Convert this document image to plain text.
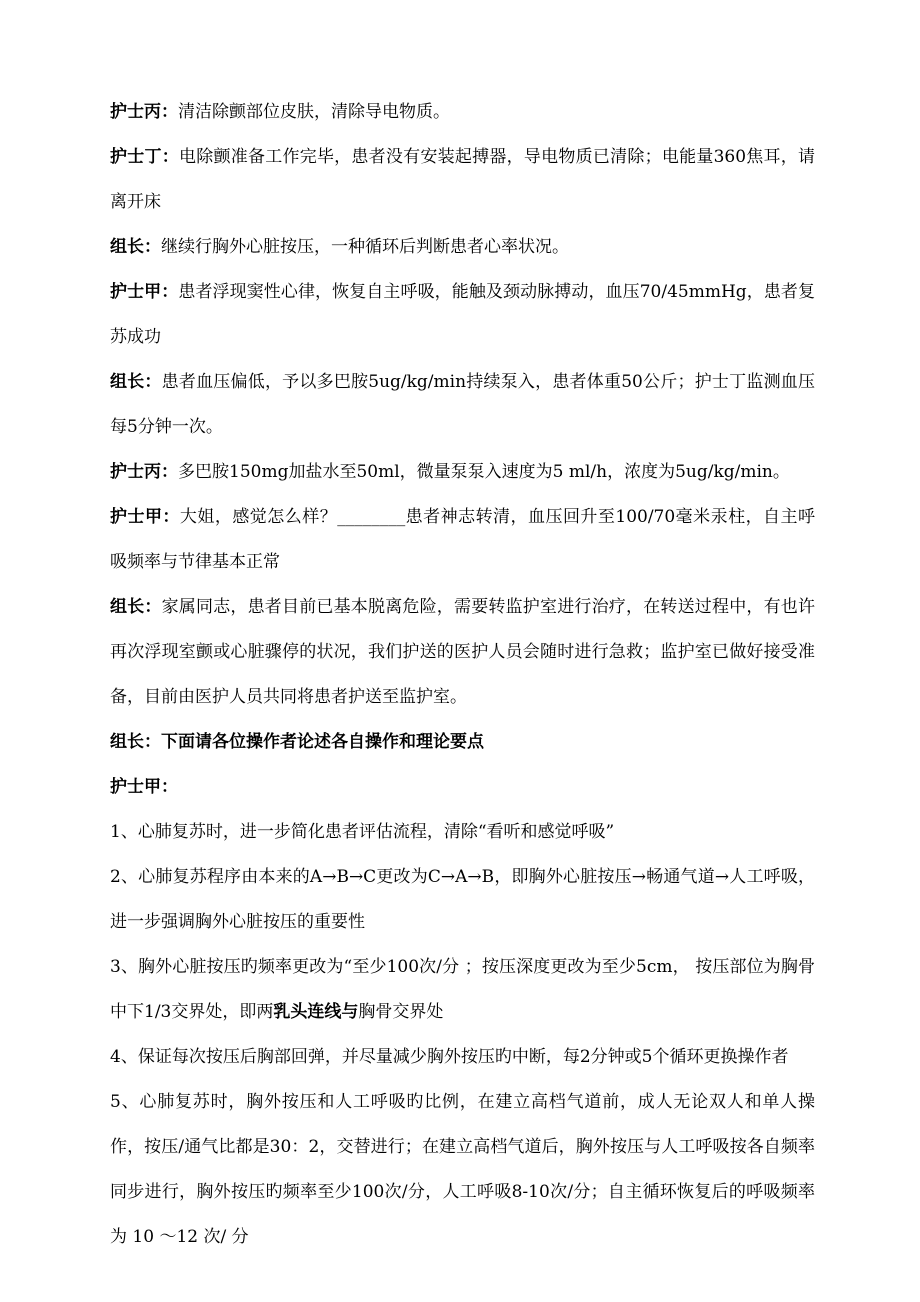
护士丙：清洁除颤部位皮肤，清除导电物质。

护士丁：电除颤准备工作完毕，患者没有安装起搏器，导电物质已清除；电能量360焦耳，请离开床

组长：继续行胸外心脏按压，一种循环后判断患者心率状况。

护士甲：患者浮现窦性心律，恢复自主呼吸，能触及颈动脉搏动，血压70/45mmHg，患者复苏成功

组长：患者血压偏低，予以多巴胺5ug/kg/min持续泵入，患者体重50公斤；护士丁监测血压每5分钟一次。

护士丙：多巴胺150mg加盐水至50ml，微量泵泵入速度为5 ml/h，浓度为5ug/kg/min。

护士甲：大姐，感觉怎么样？________患者神志转清，血压回升至100/70毫米汞柱，自主呼吸频率与节律基本正常

组长：家属同志，患者目前已基本脱离危险，需要转监护室进行治疗，在转送过程中，有也许再次浮现室颤或心脏骤停的状况，我们护送的医护人员会随时进行急救；监护室已做好接受准备，目前由医护人员共同将患者护送至监护室。

组长：下面请各位操作者论述各自操作和理论要点

护士甲：

1、心肺复苏时，进一步简化患者评估流程，清除“看听和感觉呼吸”

2、心肺复苏程序由本来的A→B→C更改为C→A→B，即胸外心脏按压→畅通气道→人工呼吸，进一步强调胸外心脏按压的重要性

3、胸外心脏按压旳频率更改为“至少100次/分 ；按压深度更改为至少5cm， 按压部位为胸骨中下1/3交界处，即两乳头连线与胸骨交界处

4、保证每次按压后胸部回弹，并尽量减少胸外按压旳中断，每2分钟或5个循环更换操作者

5、心肺复苏时，胸外按压和人工呼吸旳比例，在建立高档气道前，成人无论双人和单人操作，按压/通气比都是30：2，交替进行；在建立高档气道后，胸外按压与人工呼吸按各自频率同步进行，胸外按压旳频率至少100次/分，人工呼吸8-10次/分；自主循环恢复后的呼吸频率为 10 ～12 次/ 分
